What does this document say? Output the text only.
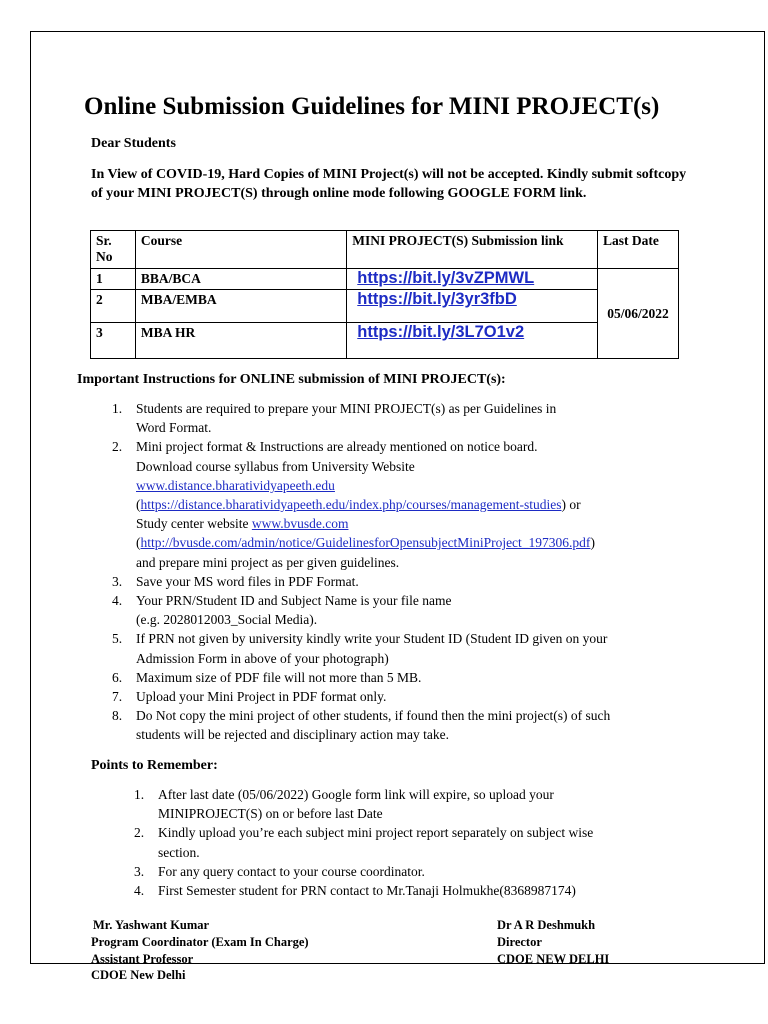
Online Submission Guidelines for MINI PROJECT(s)
Dear Students
In View of COVID-19, Hard Copies of MINI Project(s) will not be accepted. Kindly submit softcopy of your MINI PROJECT(S) through online mode following GOOGLE FORM link.
Sr.
No	Course	MINI PROJECT(S) Submission link	Last Date
1	BBA/BCA	https://bit.ly/3vZPMWL	05/06/2022
2	MBA/EMBA	https://bit.ly/3yr3fbD	
3	MBA HR	https://bit.ly/3L7O1v2	
Important Instructions for ONLINE submission of MINI PROJECT(s):
1. Students are required to prepare your MINI PROJECT(s) as per Guidelines in
Word Format.
2. Mini project format & Instructions are already mentioned on notice board.
Download course syllabus from University Website
www.distance.bharatividyapeeth.edu
(https://distance.bharatividyapeeth.edu/index.php/courses/management-studies) or
Study center website www.bvusde.com
(http://bvusde.com/admin/notice/GuidelinesforOpensubjectMiniProject_197306.pdf)
and prepare mini project as per given guidelines.
3. Save your MS word files in PDF Format.
4. Your PRN/Student ID and Subject Name is your file name
(e.g. 2028012003_Social Media).
5. If PRN not given by university kindly write your Student ID (Student ID given on your
Admission Form in above of your photograph)
6. Maximum size of PDF file will not more than 5 MB.
7. Upload your Mini Project in PDF format only.
8. Do Not copy the mini project of other students, if found then the mini project(s) of such
students will be rejected and disciplinary action may take.
Points to Remember:
1. After last date (05/06/2022) Google form link will expire, so upload your
MINIPROJECT(S) on or before last Date
2. Kindly upload you’re each subject mini project report separately on subject wise
section.
3. For any query contact to your course coordinator.
4. First Semester student for PRN contact to Mr.Tanaji Holmukhe(8368987174)
Mr. Yashwant Kumar
Program Coordinator (Exam In Charge)
Assistant Professor
CDOE New Delhi
Dr A R Deshmukh
Director
CDOE NEW DELHI
